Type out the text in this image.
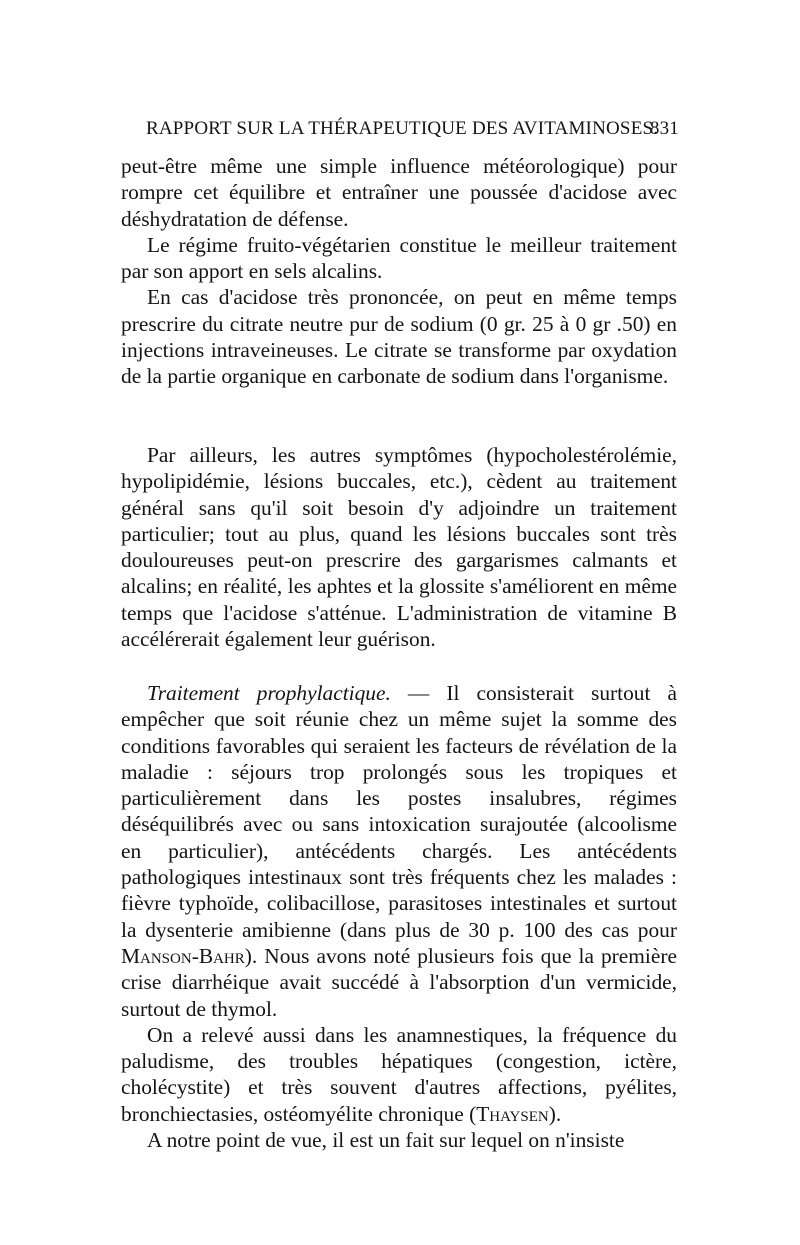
RAPPORT SUR LA THÉRAPEUTIQUE DES AVITAMINOSES.
831

peut-être même une simple influence météorologique) pour rompre cet équilibre et entraîner une poussée d'acidose avec déshydratation de défense.

Le régime fruito-végétarien constitue le meilleur traitement par son apport en sels alcalins.

En cas d'acidose très prononcée, on peut en même temps prescrire du citrate neutre pur de sodium (0 gr. 25 à 0 gr .50) en injections intraveineuses. Le citrate se transforme par oxydation de la partie organique en carbonate de sodium dans l'organisme.

Par ailleurs, les autres symptômes (hypocholestérolémie, hypolipidémie, lésions buccales, etc.), cèdent au traitement général sans qu'il soit besoin d'y adjoindre un traitement particulier; tout au plus, quand les lésions buccales sont très douloureuses peut-on prescrire des gargarismes calmants et alcalins; en réalité, les aphtes et la glossite s'améliorent en même temps que l'acidose s'atténue. L'administration de vitamine B accélérerait également leur guérison.

Traitement prophylactique. — Il consisterait surtout à empêcher que soit réunie chez un même sujet la somme des conditions favorables qui seraient les facteurs de révélation de la maladie : séjours trop prolongés sous les tropiques et particulièrement dans les postes insalubres, régimes déséquilibrés avec ou sans intoxication surajoutée (alcoolisme en particulier), antécédents chargés. Les antécédents pathologiques intestinaux sont très fréquents chez les malades : fièvre typhoïde, colibacillose, parasitoses intestinales et surtout la dysenterie amibienne (dans plus de 30 p. 100 des cas pour Manson-Bahr). Nous avons noté plusieurs fois que la première crise diarrhéique avait succédé à l'absorption d'un vermicide, surtout de thymol.

On a relevé aussi dans les anamnestiques, la fréquence du paludisme, des troubles hépatiques (congestion, ictère, cholécystite) et très souvent d'autres affections, pyélites, bronchiectasies, ostéomyélite chronique (Thaysen).

A notre point de vue, il est un fait sur lequel on n'insiste
